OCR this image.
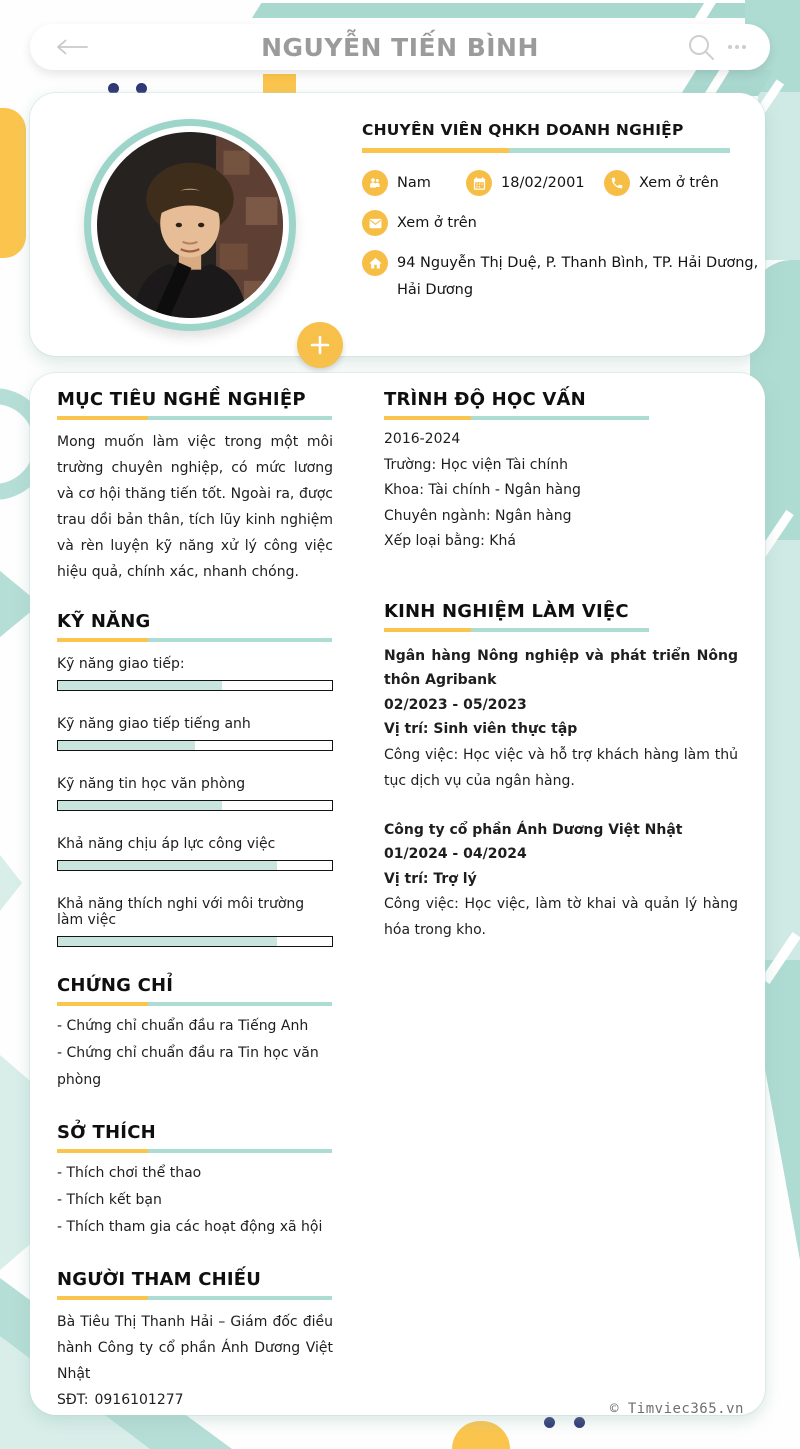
NGUYỄN TIẾN BÌNH
CHUYÊN VIÊN QHKH DOANH NGHIỆP
Nam	18/02/2001	Xem ở trên
Xem ở trên
94 Nguyễn Thị Duệ, P. Thanh Bình, TP. Hải Dương, Hải Dương
MỤC TIÊU NGHỀ NGHIỆP

Mong muốn làm việc trong một môi trường chuyên nghiệp, có mức lương và cơ hội thăng tiến tốt. Ngoài ra, được trau dồi bản thân, tích lũy kinh nghiệm và rèn luyện kỹ năng xử lý công việc hiệu quả, chính xác, nhanh chóng.

KỸ NĂNG
Kỹ năng giao tiếp:
Kỹ năng giao tiếp tiếng anh
Kỹ năng tin học văn phòng
Khả năng chịu áp lực công việc
Khả năng thích nghi với môi trường làm việc
CHỨNG CHỈ
- Chứng chỉ chuẩn đầu ra Tiếng Anh
- Chứng chỉ chuẩn đầu ra Tin học văn phòng
SỞ THÍCH
- Thích chơi thể thao
- Thích kết bạn
- Thích tham gia các hoạt động xã hội
NGƯỜI THAM CHIẾU

Bà Tiêu Thị Thanh Hải – Giám đốc điều hành Công ty cổ phần Ánh Dương Việt Nhật

SĐT: 0916101277
TRÌNH ĐỘ HỌC VẤN
2016-2024
Trường: Học viện Tài chính
Khoa: Tài chính - Ngân hàng
Chuyên ngành: Ngân hàng
Xếp loại bằng: Khá
KINH NGHIỆM LÀM VIỆC
Ngân hàng Nông nghiệp và phát triển Nông thôn Agribank
02/2023 - 05/2023
Vị trí: Sinh viên thực tập
Công việc: Học việc và hỗ trợ khách hàng làm thủ tục dịch vụ của ngân hàng.
Công ty cổ phần Ánh Dương Việt Nhật
01/2024 - 04/2024
Vị trí: Trợ lý
Công việc: Học việc, làm tờ khai và quản lý hàng hóa trong kho.
© Timviec365.vn
